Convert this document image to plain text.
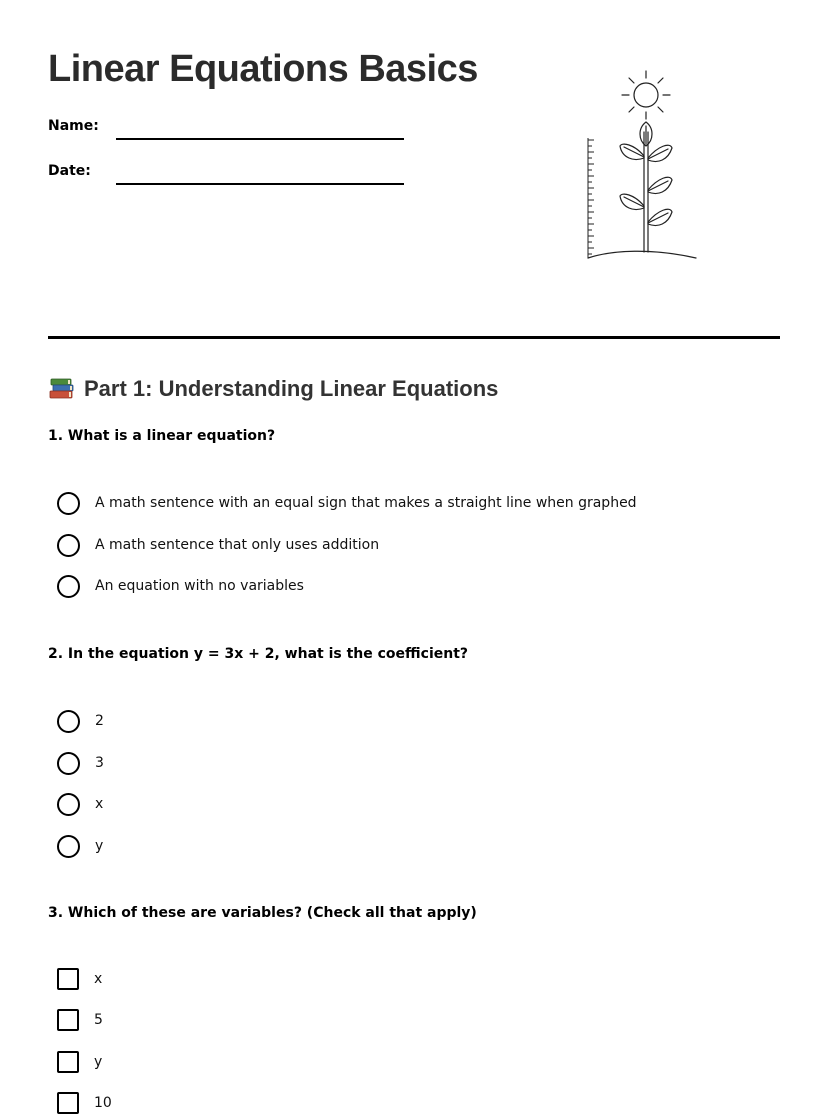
Linear Equations Basics
Name:
Date:
Part 1: Understanding Linear Equations
1. What is a linear equation?
A math sentence with an equal sign that makes a straight line when graphed
A math sentence that only uses addition
An equation with no variables
2. In the equation y = 3x + 2, what is the coefficient?
2
3
x
y
3. Which of these are variables? (Check all that apply)
x
5
y
10
